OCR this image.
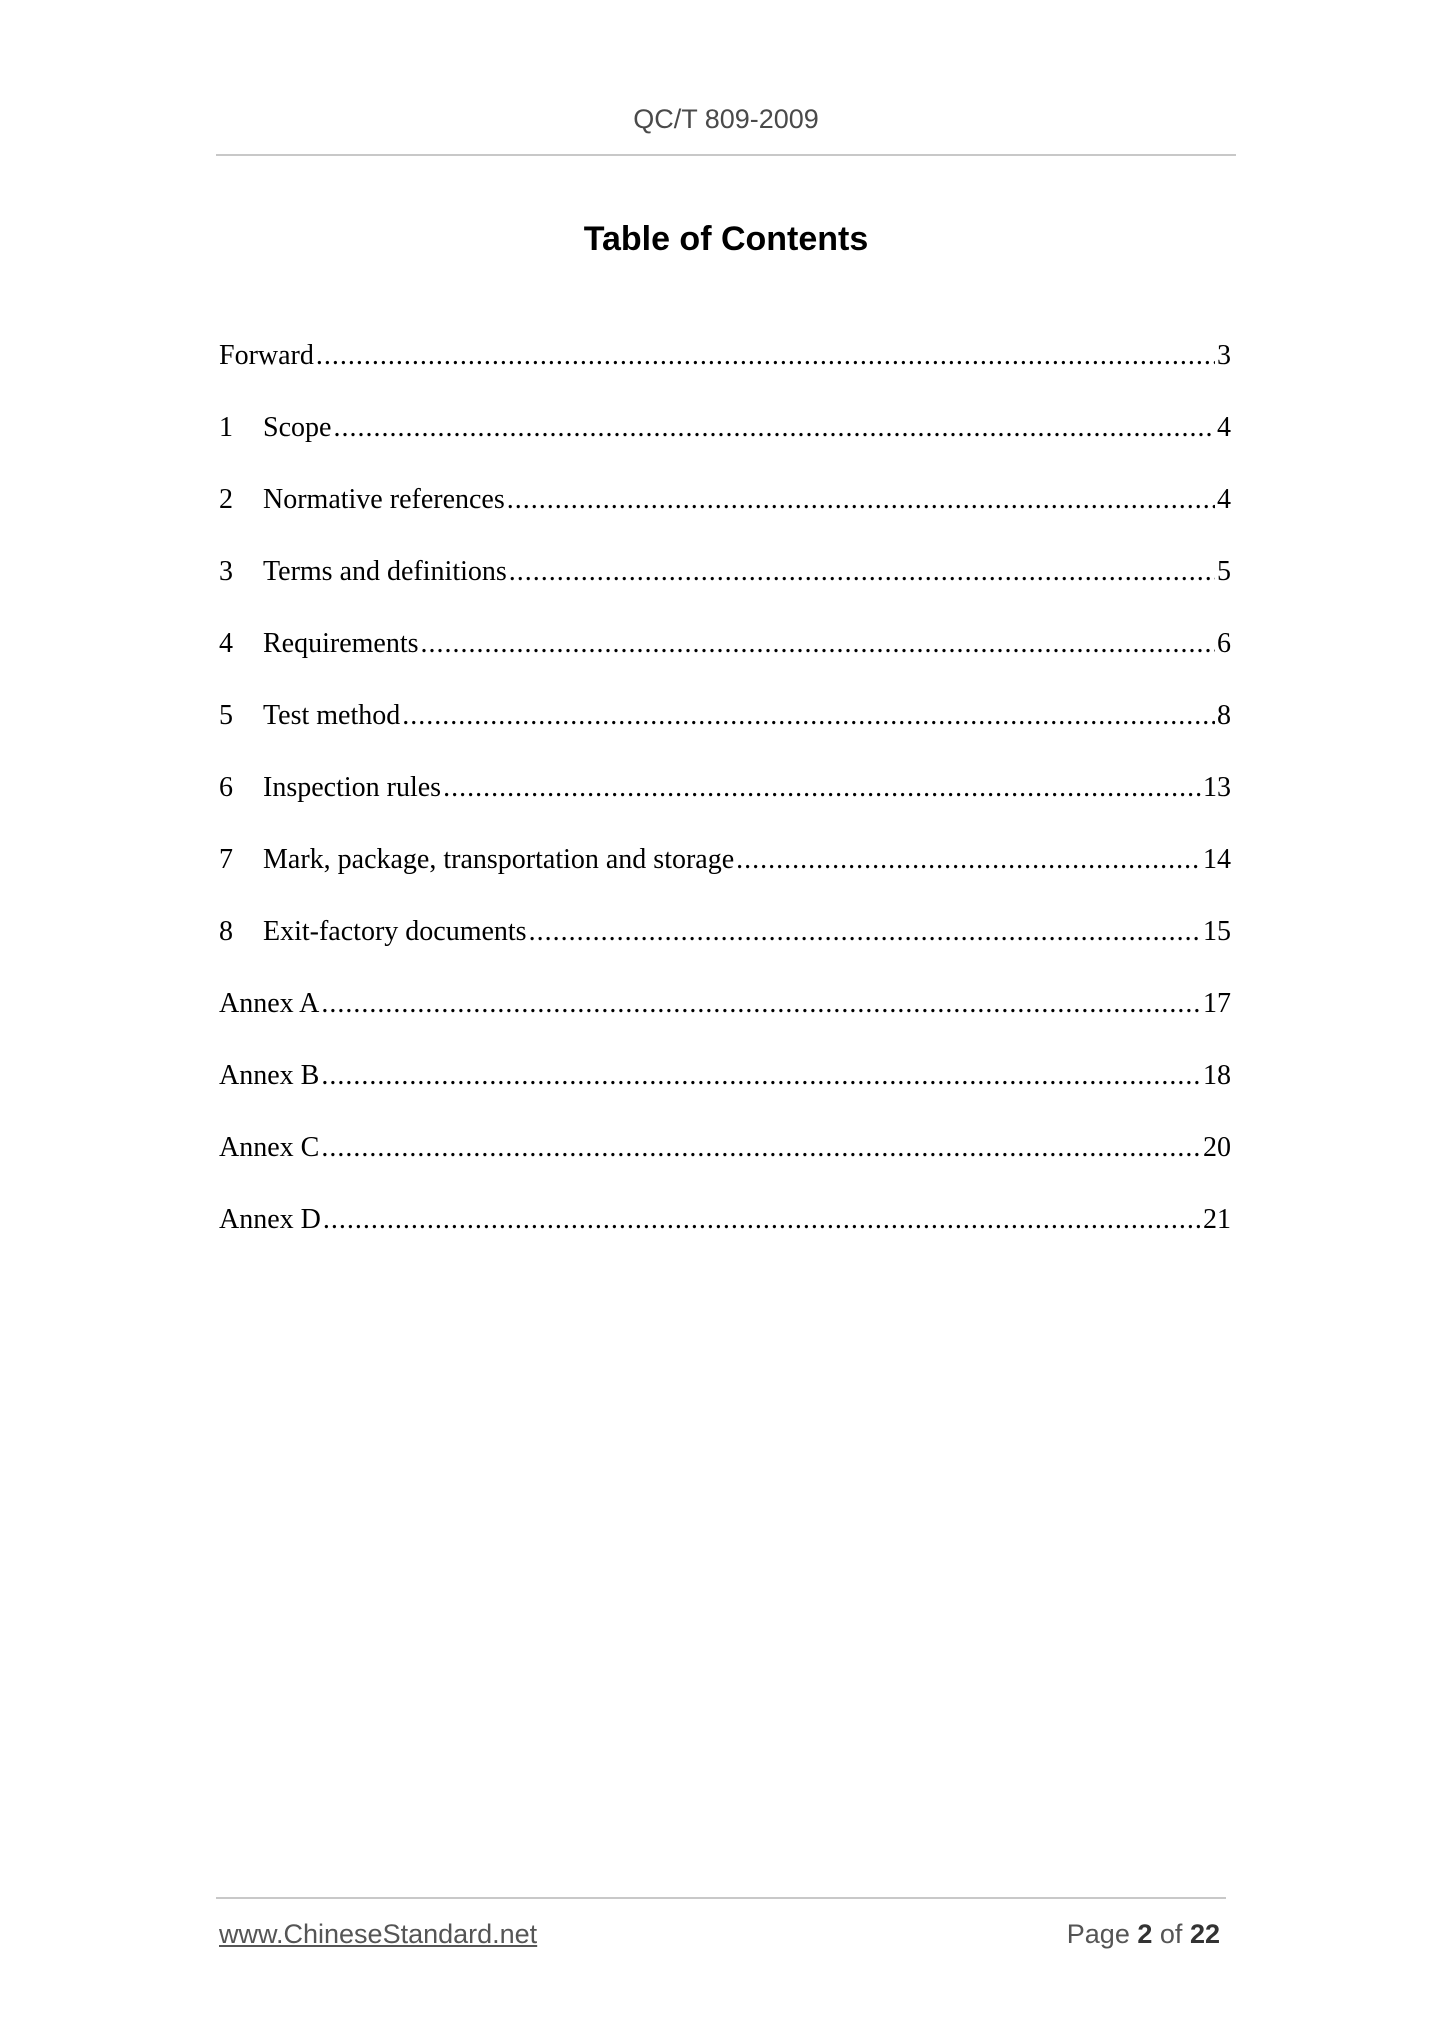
QC/T 809-2009
Table of Contents
Forward .....	3
1	Scope .....	4
2	Normative references .....	4
3	Terms and definitions .....	5
4	Requirements .....	6
5	Test method .....	8
6	Inspection rules .....	13
7	Mark, package, transportation and storage .....	14
8	Exit-factory documents .....	15
Annex A .....	17
Annex B .....	18
Annex C .....	20
Annex D .....	21
www.ChineseStandard.net	Page 2 of 22
